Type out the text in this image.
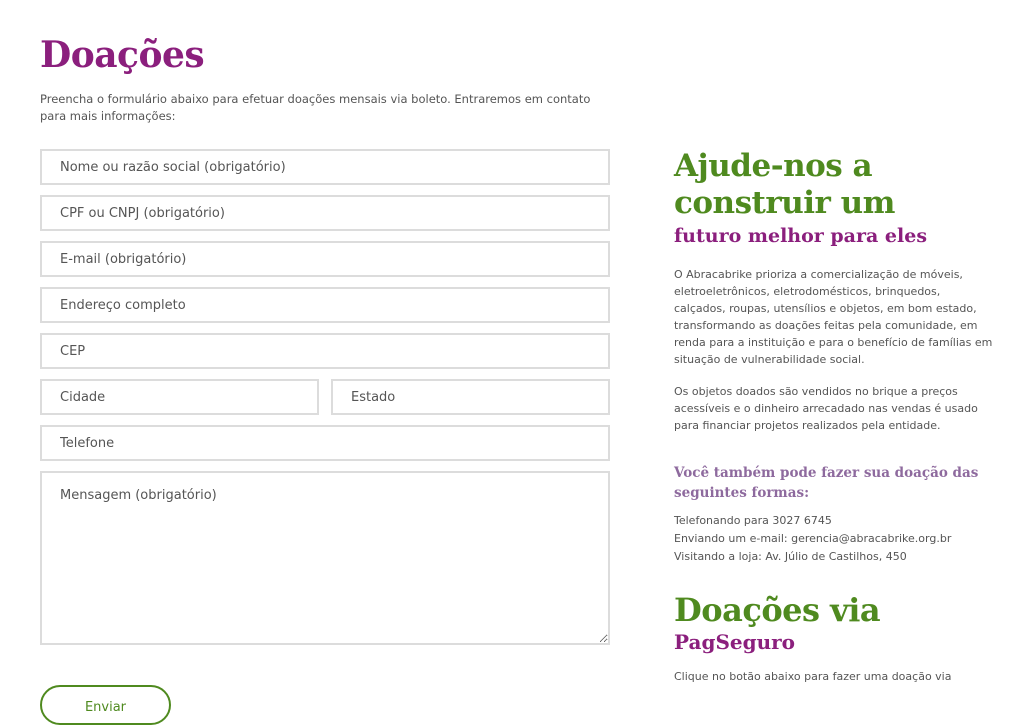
Doações

Preencha o formulário abaixo para efetuar doações mensais via boleto. Entraremos em contato para mais informações:

Nome ou razão social (obrigatório)
CPF ou CNPJ (obrigatório)
E-mail (obrigatório)
Endereço completo
CEP
Cidade
Estado
Telefone
Mensagem (obrigatório)
Enviar
Ajude-nos a
construir um
futuro melhor para eles

O Abracabrike prioriza a comercialização de móveis, eletroeletrônicos, eletrodomésticos, brinquedos, calçados, roupas, utensílios e objetos, em bom estado, transformando as doações feitas pela comunidade, em renda para a instituição e para o benefício de famílias em situação de vulnerabilidade social.

Os objetos doados são vendidos no brique a preços acessíveis e o dinheiro arrecadado nas vendas é usado para financiar projetos realizados pela entidade.

Você também pode fazer sua doação das seguintes formas:

Telefonando para 3027 6745

Enviando um e-mail: gerencia@abracabrike.org.br

Visitando a loja: Av. Júlio de Castilhos, 450

Doações via
PagSeguro

Clique no botão abaixo para fazer uma doação via
